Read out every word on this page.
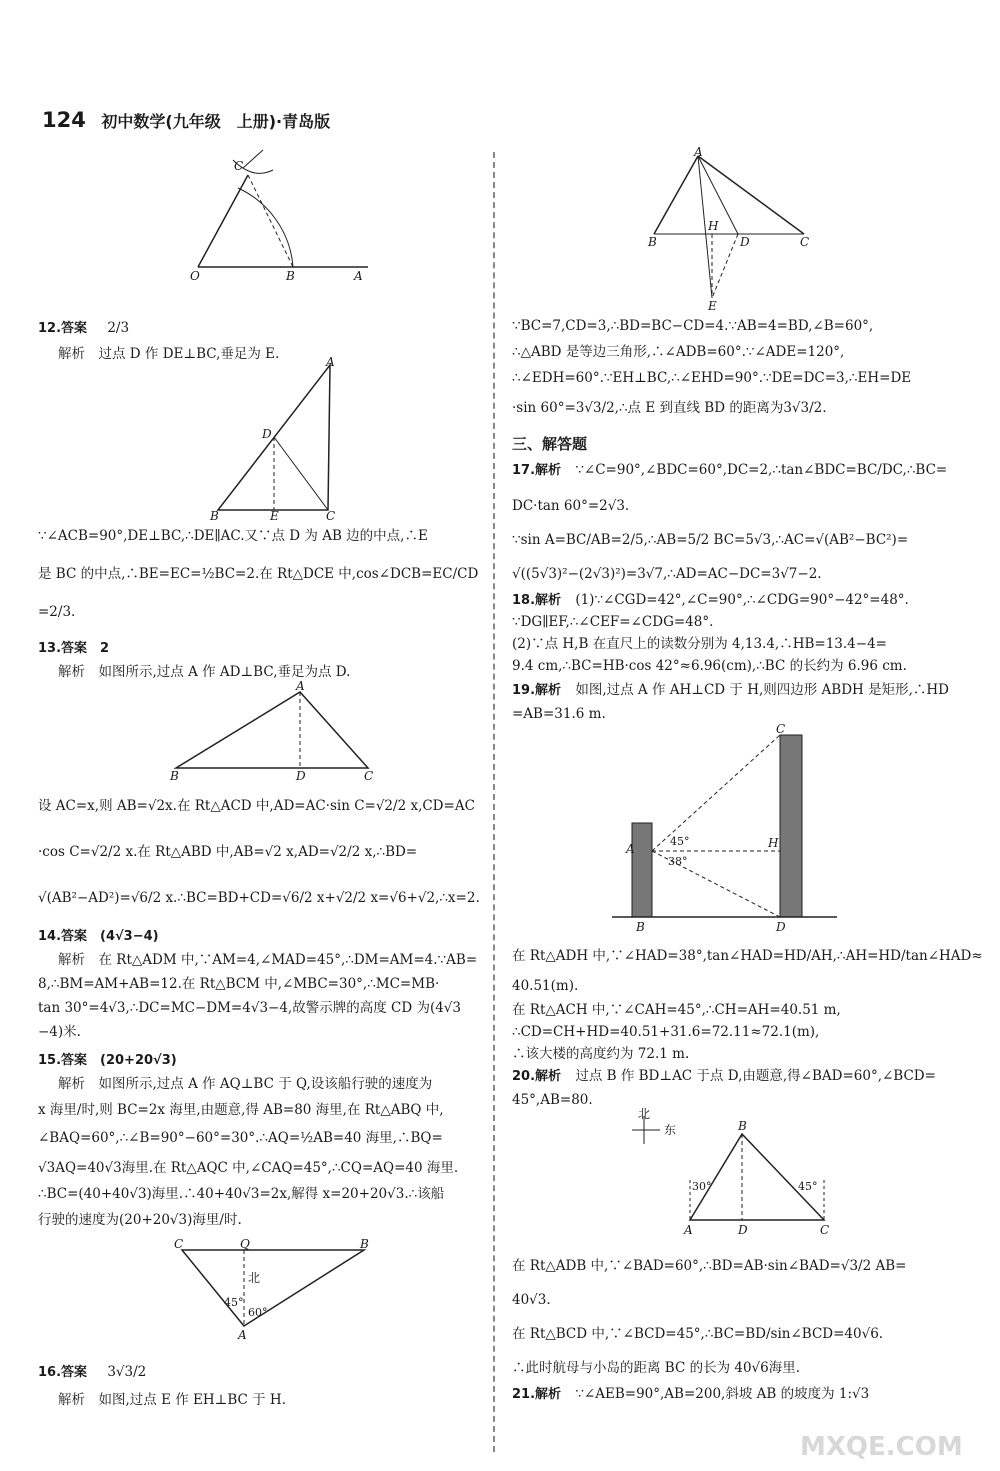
124 初中数学(九年级　上册)·青岛版
C
O	B	A
12.答案 2/3
解析　过点 D 作 DE⊥BC,垂足为 E.	A
D
B	E	C
∵∠ACB=90°,DE⊥BC,∴DE∥AC.又∵点 D 为 AB 边的中点,∴E
是 BC 的中点,∴BE=EC=½BC=2.在 Rt△DCE 中,cos∠DCB=EC/CD
=2/3.
13.答案　2
解析　如图所示,过点 A 作 AD⊥BC,垂足为点 D.
A
B	D	C
设 AC=x,则 AB=√2x.在 Rt△ACD 中,AD=AC·sin C=√2/2 x,CD=AC
·cos C=√2/2 x.在 Rt△ABD 中,AB=√2 x,AD=√2/2 x,∴BD=
√(AB²−AD²)=√6/2 x.∴BC=BD+CD=√6/2 x+√2/2 x=√6+√2,∴x=2.
14.答案　(4√3−4)
解析　在 Rt△ADM 中,∵AM=4,∠MAD=45°,∴DM=AM=4.∵AB=
8,∴BM=AM+AB=12.在 Rt△BCM 中,∠MBC=30°,∴MC=MB·
tan 30°=4√3,∴DC=MC−DM=4√3−4,故警示牌的高度 CD 为(4√3
−4)米.
15.答案　(20+20√3)
解析　如图所示,过点 A 作 AQ⊥BC 于 Q,设该船行驶的速度为
x 海里/时,则 BC=2x 海里,由题意,得 AB=80 海里,在 Rt△ABQ 中,
∠BAQ=60°,∴∠B=90°−60°=30°.∴AQ=½AB=40 海里,∴BQ=
√3AQ=40√3海里.在 Rt△AQC 中,∠CAQ=45°,∴CQ=AQ=40 海里.
∴BC=(40+40√3)海里.∴40+40√3=2x,解得 x=20+20√3.∴该船
行驶的速度为(20+20√3)海里/时.
C	Q	B
A
北
45°
60°
16.答案 3√3/2
解析　如图,过点 E 作 EH⊥BC 于 H.
A
B
H
D	C
E
∵BC=7,CD=3,∴BD=BC−CD=4.∵AB=4=BD,∠B=60°,
∴△ABD 是等边三角形,∴∠ADB=60°.∵∠ADE=120°,
∴∠EDH=60°.∵EH⊥BC,∴∠EHD=90°.∵DE=DC=3,∴EH=DE
·sin 60°=3√3/2,∴点 E 到直线 BD 的距离为3√3/2.
三、解答题
17.解析 ∵∠C=90°,∠BDC=60°,DC=2,∴tan∠BDC=BC/DC,∴BC=
DC·tan 60°=2√3.
∵sin A=BC/AB=2/5,∴AB=5/2 BC=5√3,∴AC=√(AB²−BC²)=
√((5√3)²−(2√3)²)=3√7,∴AD=AC−DC=3√7−2.
18.解析 (1)∵∠CGD=42°,∠C=90°,∴∠CDG=90°−42°=48°.
∵DG∥EF,∴∠CEF=∠CDG=48°.
(2)∵点 H,B 在直尺上的读数分别为 4,13.4,∴HB=13.4−4=
9.4 cm,∴BC=HB·cos 42°≈6.96(cm),∴BC 的长约为 6.96 cm.
19.解析 如图,过点 A 作 AH⊥CD 于 H,则四边形 ABDH 是矩形,∴HD
=AB=31.6 m.
C
A	H
B	D
45°
38°
在 Rt△ADH 中,∵∠HAD=38°,tan∠HAD=HD/AH,∴AH=HD/tan∠HAD≈
40.51(m).
在 Rt△ACH 中,∵∠CAH=45°,∴CH=AH=40.51 m,
∴CD=CH+HD=40.51+31.6=72.11≈72.1(m),
∴该大楼的高度约为 72.1 m.
20.解析 过点 B 作 BD⊥AC 于点 D,由题意,得∠BAD=60°,∠BCD=
45°,AB=80.
北
东	B
A	D	C
30°	45°
在 Rt△ADB 中,∵∠BAD=60°,∴BD=AB·sin∠BAD=√3/2 AB=
40√3.
在 Rt△BCD 中,∵∠BCD=45°,∴BC=BD/sin∠BCD=40√6.
∴此时航母与小岛的距离 BC 的长为 40√6海里.
21.解析 ∵∠AEB=90°,AB=200,斜坡 AB 的坡度为 1:√3
MXQE.COM
